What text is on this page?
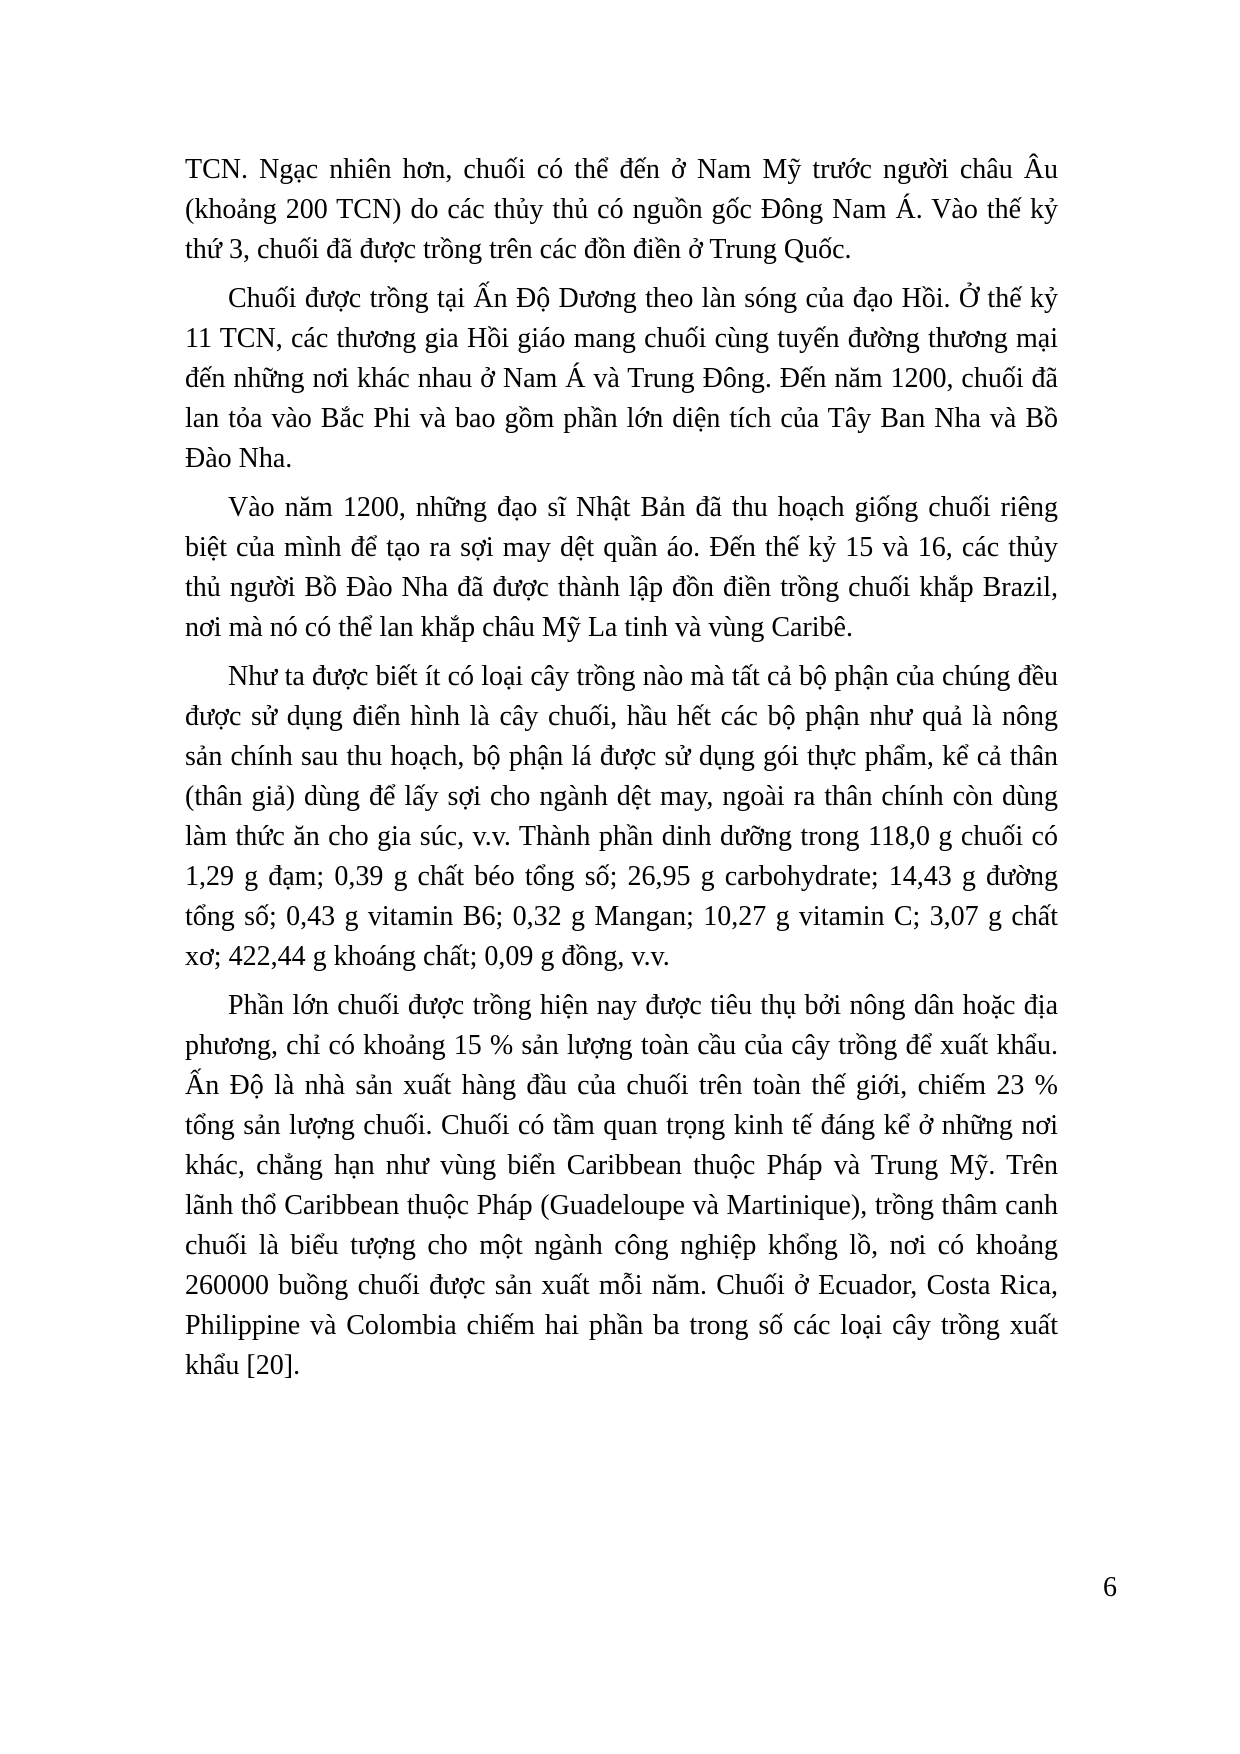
TCN. Ngạc nhiên hơn, chuối có thể đến ở Nam Mỹ trước người châu Âu (khoảng 200 TCN) do các thủy thủ có nguồn gốc Đông Nam Á. Vào thế kỷ thứ 3, chuối đã được trồng trên các đồn điền ở Trung Quốc.

Chuối được trồng tại Ấn Độ Dương theo làn sóng của đạo Hồi. Ở thế kỷ 11 TCN, các thương gia Hồi giáo mang chuối cùng tuyến đường thương mại đến những nơi khác nhau ở Nam Á và Trung Đông. Đến năm 1200, chuối đã lan tỏa vào Bắc Phi và bao gồm phần lớn diện tích của Tây Ban Nha và Bồ Đào Nha.

Vào năm 1200, những đạo sĩ Nhật Bản đã thu hoạch giống chuối riêng biệt của mình để tạo ra sợi may dệt quần áo. Đến thế kỷ 15 và 16, các thủy thủ người Bồ Đào Nha đã được thành lập đồn điền trồng chuối khắp Brazil, nơi mà nó có thể lan khắp châu Mỹ La tinh và vùng Caribê.

Như ta được biết ít có loại cây trồng nào mà tất cả bộ phận của chúng đều được sử dụng điển hình là cây chuối, hầu hết các bộ phận như quả là nông sản chính sau thu hoạch, bộ phận lá được sử dụng gói thực phẩm, kể cả thân (thân giả) dùng để lấy sợi cho ngành dệt may, ngoài ra thân chính còn dùng làm thức ăn cho gia súc, v.v. Thành phần dinh dưỡng trong 118,0 g chuối có 1,29 g đạm; 0,39 g chất béo tổng số; 26,95 g carbohydrate; 14,43 g đường tổng số; 0,43 g vitamin B6; 0,32 g Mangan; 10,27 g vitamin C; 3,07 g chất xơ; 422,44 g khoáng chất; 0,09 g đồng, v.v.

Phần lớn chuối được trồng hiện nay được tiêu thụ bởi nông dân hoặc địa phương, chỉ có khoảng 15 % sản lượng toàn cầu của cây trồng để xuất khẩu. Ấn Độ là nhà sản xuất hàng đầu của chuối trên toàn thế giới, chiếm 23 % tổng sản lượng chuối. Chuối có tầm quan trọng kinh tế đáng kể ở những nơi khác, chẳng hạn như vùng biển Caribbean thuộc Pháp và Trung Mỹ. Trên lãnh thổ Caribbean thuộc Pháp (Guadeloupe và Martinique), trồng thâm canh chuối là biểu tượng cho một ngành công nghiệp khổng lồ, nơi có khoảng 260000 buồng chuối được sản xuất mỗi năm. Chuối ở Ecuador, Costa Rica, Philippine và Colombia chiếm hai phần ba trong số các loại cây trồng xuất khẩu [20].

6
